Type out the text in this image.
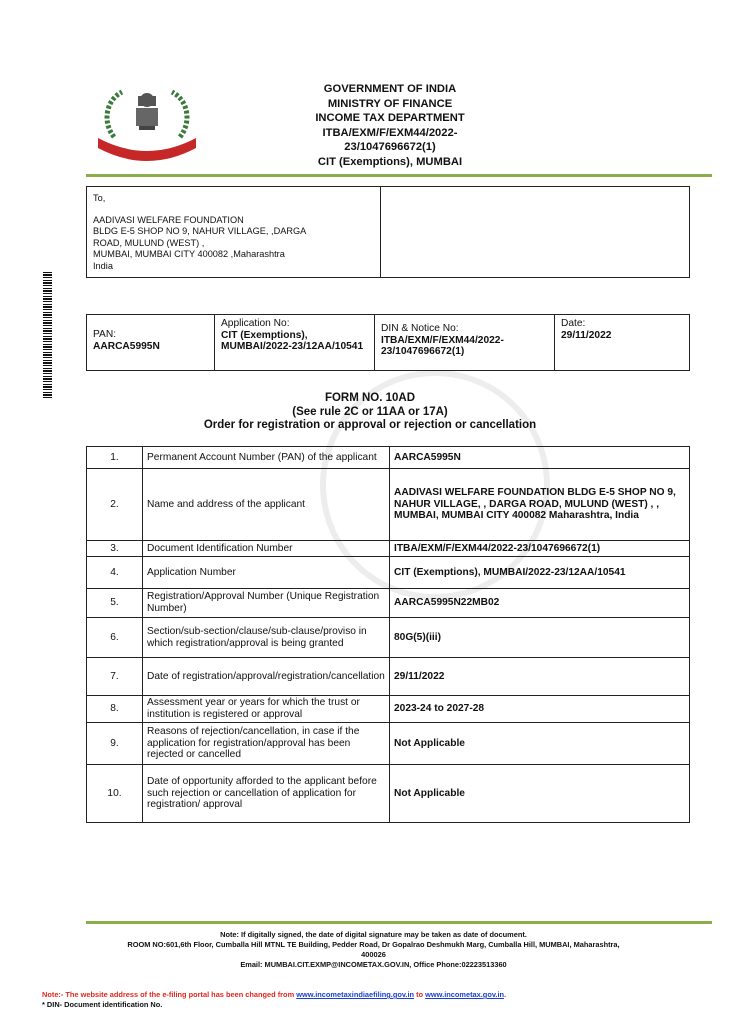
GOVERNMENT OF INDIA
MINISTRY OF FINANCE
INCOME TAX DEPARTMENT
ITBA/EXM/F/EXM44/2022-
23/1047696672(1)
CIT (Exemptions), MUMBAI
To,
AADIVASI WELFARE FOUNDATION
BLDG E-5 SHOP NO 9, NAHUR VILLAGE, ,DARGA
ROAD, MULUND (WEST) ,
MUMBAI, MUMBAI CITY 400082 ,Maharashtra
India
PAN:
AARCA5995N
Application No:
CIT (Exemptions), MUMBAI/2022-23/12AA/10541
DIN & Notice No:
ITBA/EXM/F/EXM44/2022-23/1047696672(1)
Date:
29/11/2022
FORM NO. 10AD
(See rule 2C or 11AA or 17A)
Order for registration or approval or rejection or cancellation
1.	Permanent Account Number (PAN) of the applicant	AARCA5995N
2.	Name and address of the applicant	AADIVASI WELFARE FOUNDATION BLDG E-5 SHOP NO 9, NAHUR VILLAGE, , DARGA ROAD, MULUND (WEST) , , MUMBAI, MUMBAI CITY 400082 Maharashtra, India
3.	Document Identification Number	ITBA/EXM/F/EXM44/2022-23/1047696672(1)
4.	Application Number	CIT (Exemptions), MUMBAI/2022-23/12AA/10541
5.	Registration/Approval Number (Unique Registration Number)	AARCA5995N22MB02
6.	Section/sub-section/clause/sub-clause/proviso in which registration/approval is being granted	80G(5)(iii)
7.	Date of registration/approval/registration/cancellation	29/11/2022
8.	Assessment year or years for which the trust or institution is registered or approval	2023-24 to 2027-28
9.	Reasons of rejection/cancellation, in case if the application for registration/approval has been rejected or cancelled	Not Applicable
10.	Date of opportunity afforded to the applicant before such rejection or cancellation of application for registration/ approval	Not Applicable
Note: If digitally signed, the date of digital signature may be taken as date of document.
ROOM NO:601,6th Floor, Cumballa Hill MTNL TE Building, Pedder Road, Dr Gopalrao Deshmukh Marg, Cumballa Hill, MUMBAI, Maharashtra,
400026
Email: MUMBAI.CIT.EXMP@INCOMETAX.GOV.IN, Office Phone:02223513360
Note:- The website address of the e-filing portal has been changed from www.incometaxindiaefiling.gov.in to www.incometax.gov.in.
* DIN- Document identification No.
